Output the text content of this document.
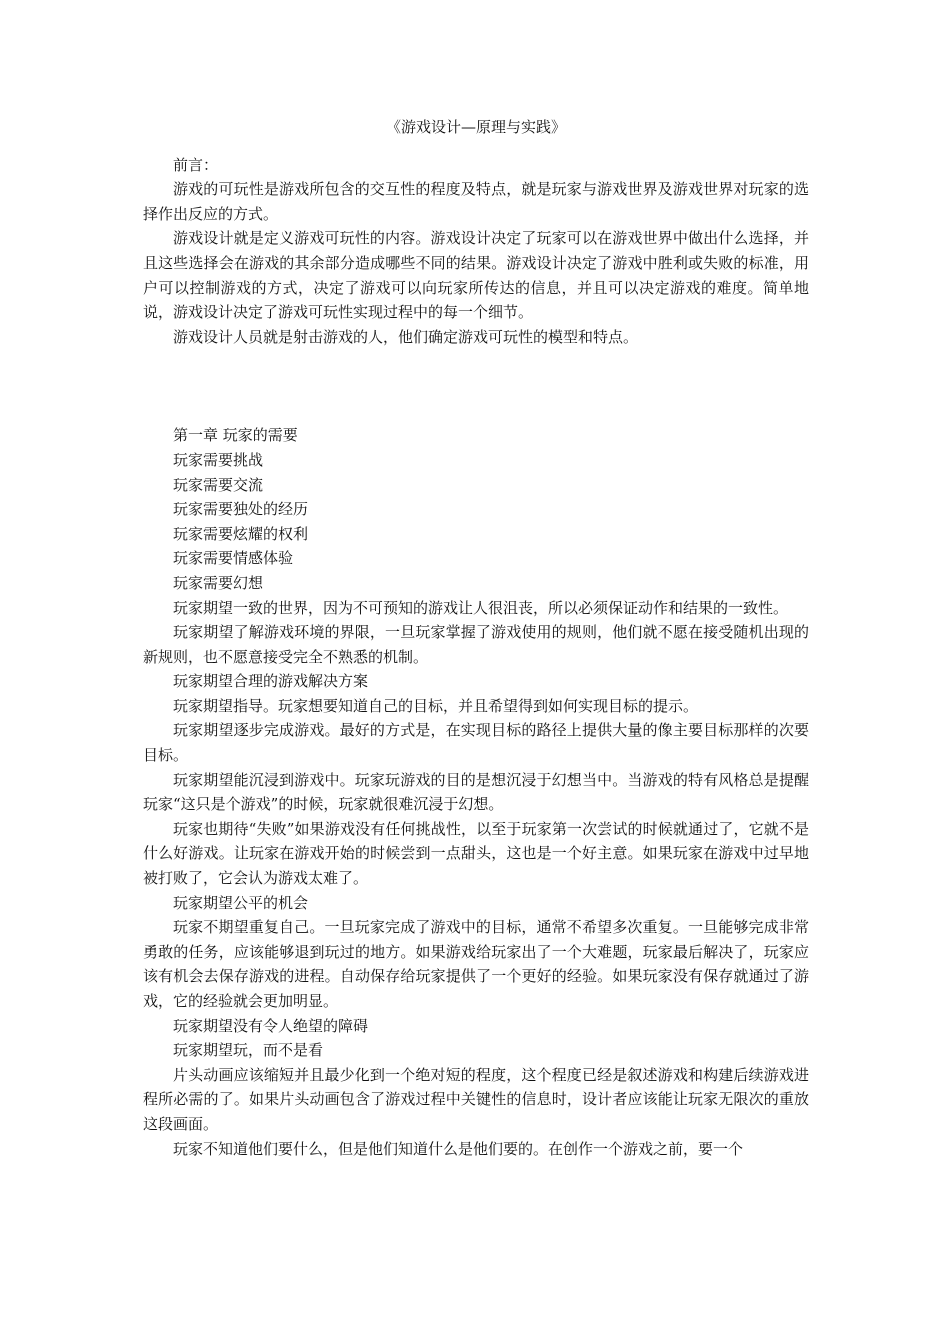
《游戏设计—原理与实践》

前言：

游戏的可玩性是游戏所包含的交互性的程度及特点，就是玩家与游戏世界及游戏世界对玩家的选择作出反应的方式。

游戏设计就是定义游戏可玩性的内容。游戏设计决定了玩家可以在游戏世界中做出什么选择，并且这些选择会在游戏的其余部分造成哪些不同的结果。游戏设计决定了游戏中胜利或失败的标准，用户可以控制游戏的方式，决定了游戏可以向玩家所传达的信息，并且可以决定游戏的难度。简单地说，游戏设计决定了游戏可玩性实现过程中的每一个细节。

游戏设计人员就是射击游戏的人，他们确定游戏可玩性的模型和特点。

第一章 玩家的需要

玩家需要挑战

玩家需要交流

玩家需要独处的经历

玩家需要炫耀的权利

玩家需要情感体验

玩家需要幻想

玩家期望一致的世界，因为不可预知的游戏让人很沮丧，所以必须保证动作和结果的一致性。

玩家期望了解游戏环境的界限，一旦玩家掌握了游戏使用的规则，他们就不愿在接受随机出现的新规则，也不愿意接受完全不熟悉的机制。

玩家期望合理的游戏解决方案

玩家期望指导。玩家想要知道自己的目标，并且希望得到如何实现目标的提示。

玩家期望逐步完成游戏。最好的方式是，在实现目标的路径上提供大量的像主要目标那样的次要目标。

玩家期望能沉浸到游戏中。玩家玩游戏的目的是想沉浸于幻想当中。当游戏的特有风格总是提醒玩家“这只是个游戏”的时候，玩家就很难沉浸于幻想。

玩家也期待“失败”如果游戏没有任何挑战性，以至于玩家第一次尝试的时候就通过了，它就不是什么好游戏。让玩家在游戏开始的时候尝到一点甜头，这也是一个好主意。如果玩家在游戏中过早地被打败了，它会认为游戏太难了。

玩家期望公平的机会

玩家不期望重复自己。一旦玩家完成了游戏中的目标，通常不希望多次重复。一旦能够完成非常勇敢的任务，应该能够退到玩过的地方。如果游戏给玩家出了一个大难题，玩家最后解决了，玩家应该有机会去保存游戏的进程。自动保存给玩家提供了一个更好的经验。如果玩家没有保存就通过了游戏，它的经验就会更加明显。

玩家期望没有令人绝望的障碍

玩家期望玩，而不是看

片头动画应该缩短并且最少化到一个绝对短的程度，这个程度已经是叙述游戏和构建后续游戏进程所必需的了。如果片头动画包含了游戏过程中关键性的信息时，设计者应该能让玩家无限次的重放这段画面。

玩家不知道他们要什么，但是他们知道什么是他们要的。在创作一个游戏之前，要一个
